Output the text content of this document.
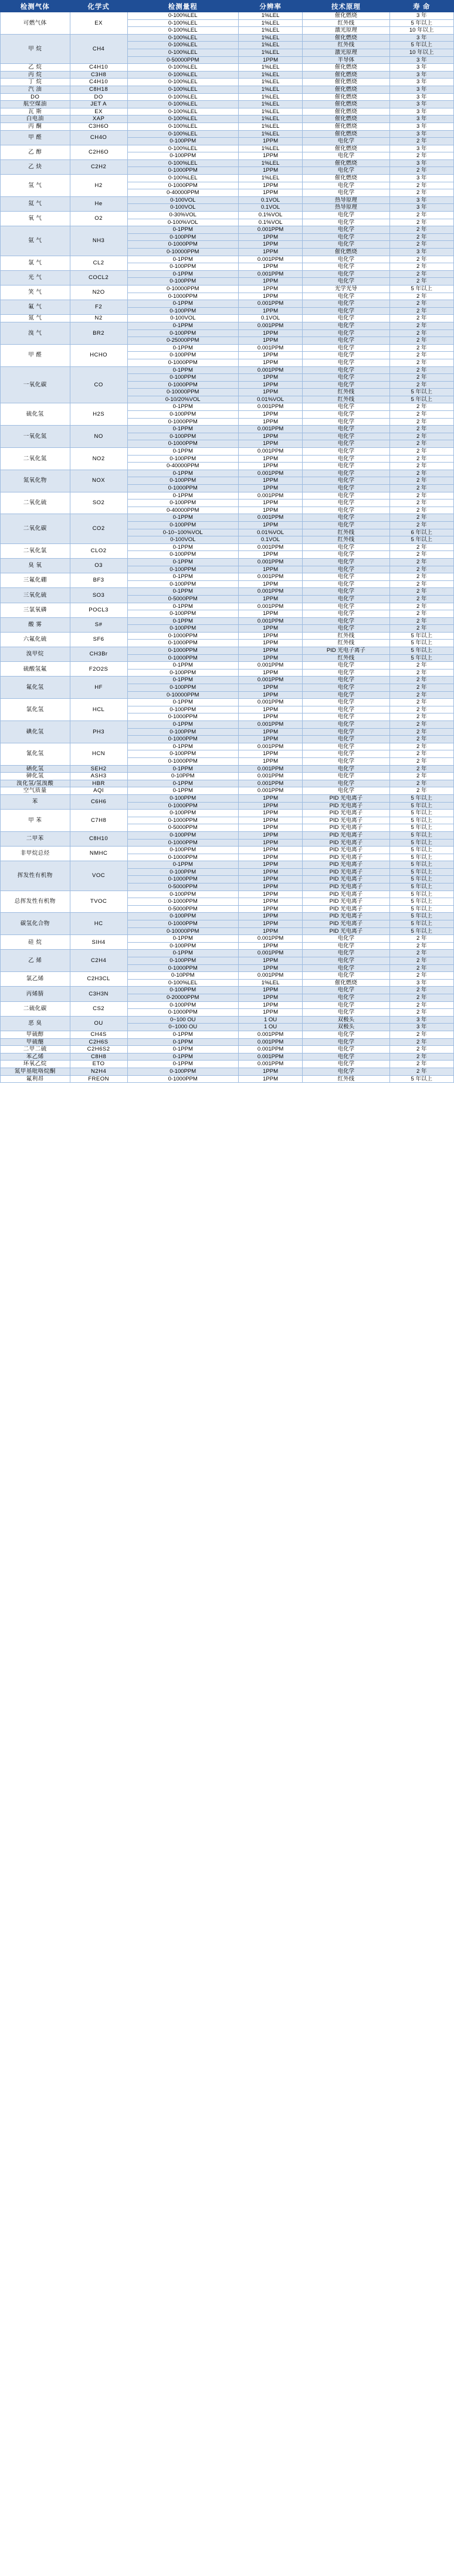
检测气体	化学式	检测量程	分辨率	技术原理	寿 命
可燃气体	EX	0-100%LEL	1%LEL	催化燃烧	3 年
		0-100%LEL	1%LEL	红外线	5 年以上
		0-100%LEL	1%LEL	激光原理	10 年以上
甲 烷	CH4	0-100%LEL	1%LEL	催化燃烧	3 年
		0-100%LEL	1%LEL	红外线	5 年以上
		0-100%LEL	1%LEL	激光原理	10 年以上
		0-50000PPM	1PPM	半导体	3 年
乙 烷	C4H10	0-100%LEL	1%LEL	催化燃烧	3 年
丙 烷	C3H8	0-100%LEL	1%LEL	催化燃烧	3 年
丁 烷	C4H10	0-100%LEL	1%LEL	催化燃烧	3 年
汽 油	C8H18	0-100%LEL	1%LEL	催化燃烧	3 年
DO	DO	0-100%LEL	1%LEL	催化燃烧	3 年
航空煤油	JET A	0-100%LEL	1%LEL	催化燃烧	3 年
瓦 斯	EX	0-100%LEL	1%LEL	催化燃烧	3 年
白电油	XAP	0-100%LEL	1%LEL	催化燃烧	3 年
丙 酮	C3H6O	0-100%LEL	1%LEL	催化燃烧	3 年
甲 醛	CH4O	0-100%LEL	1%LEL	催化燃烧	3 年
		0-100PPM	1PPM	电化学	2 年
乙 醇	C2H6O	0-100%LEL	1%LEL	催化燃烧	3 年
		0-100PPM	1PPM	电化学	2 年
乙 炔	C2H2	0-100%LEL	1%LEL	催化燃烧	3 年
		0-1000PPM	1PPM	电化学	2 年
氢 气	H2	0-100%LEL	1%LEL	催化燃烧	3 年
		0-1000PPM	1PPM	电化学	2 年
		0-40000PPM	1PPM	电化学	2 年
氦 气	He	0-100VOL	0.1VOL	热导原理	3 年
		0-100VOL	0.1VOL	热导原理	3 年
氧 气	O2	0-30%VOL	0.1%VOL	电化学	2 年
		0-100%VOL	0.1%VOL	电化学	2 年
氨 气	NH3	0-1PPM	0.001PPM	电化学	2 年
		0-100PPM	1PPM	电化学	2 年
		0-1000PPM	1PPM	电化学	2 年
		0-10000PPM	1PPM	催化燃烧	3 年
氯 气	CL2	0-1PPM	0.001PPM	电化学	2 年
		0-100PPM	1PPM	电化学	2 年
光 气	COCL2	0-1PPM	0.001PPM	电化学	2 年
		0-100PPM	1PPM	电化学	2 年
笑 气	N2O	0-10000PPM	1PPM	光学光导	5 年以上
		0-1000PPM	1PPM	电化学	2 年
氟 气	F2	0-1PPM	0.001PPM	电化学	2 年
		0-100PPM	1PPM	电化学	2 年
氮 气	N2	0-100VOL	0.1VOL	电化学	2 年
溴 气	BR2	0-1PPM	0.001PPM	电化学	2 年
		0-100PPM	1PPM	电化学	2 年
		0-25000PPM	1PPM	电化学	2 年
甲 醛	HCHO	0-1PPM	0.001PPM	电化学	2 年
		0-100PPM	1PPM	电化学	2 年
		0-1000PPM	1PPM	电化学	2 年
一氧化碳	CO	0-1PPM	0.001PPM	电化学	2 年
		0-100PPM	1PPM	电化学	2 年
		0-1000PPM	1PPM	电化学	2 年
		0-10000PPM	1PPM	红外线	5 年以上
		0-10/20%VOL	0.01%VOL	红外线	5 年以上
硫化氢	H2S	0-1PPM	0.001PPM	电化学	2 年
		0-100PPM	1PPM	电化学	2 年
		0-1000PPM	1PPM	电化学	2 年
一氧化氮	NO	0-1PPM	0.001PPM	电化学	2 年
		0-100PPM	1PPM	电化学	2 年
		0-1000PPM	1PPM	电化学	2 年
二氧化氮	NO2	0-1PPM	0.001PPM	电化学	2 年
		0-100PPM	1PPM	电化学	2 年
		0-40000PPM	1PPM	电化学	2 年
氮氧化物	NOX	0-1PPM	0.001PPM	电化学	2 年
		0-100PPM	1PPM	电化学	2 年
		0-1000PPM	1PPM	电化学	2 年
二氧化硫	SO2	0-1PPM	0.001PPM	电化学	2 年
		0-100PPM	1PPM	电化学	2 年
		0-40000PPM	1PPM	电化学	2 年
二氧化碳	CO2	0-1PPM	0.001PPM	电化学	2 年
		0-100PPM	1PPM	电化学	2 年
		0-10~100%VOL	0.01%VOL	红外线	6 年以上
		0-100VOL	0.1VOL	红外线	5 年以上
二氧化氯	CLO2	0-1PPM	0.001PPM	电化学	2 年
		0-100PPM	1PPM	电化学	2 年
臭 氧	O3	0-1PPM	0.001PPM	电化学	2 年
		0-100PPM	1PPM	电化学	2 年
三氟化硼	BF3	0-1PPM	0.001PPM	电化学	2 年
		0-100PPM	1PPM	电化学	2 年
三氧化硫	SO3	0-1PPM	0.001PPM	电化学	2 年
		0-5000PPM	1PPM	电化学	2 年
三氯氧磷	POCL3	0-1PPM	0.001PPM	电化学	2 年
		0-100PPM	1PPM	电化学	2 年
酸 雾	S#	0-1PPM	0.001PPM	电化学	2 年
		0-100PPM	1PPM	电化学	2 年
六氟化硫	SF6	0-1000PPM	1PPM	红外线	5 年以上
		0-1000PPM	1PPM	红外线	5 年以上
溴甲烷	CH3Br	0-1000PPM	1PPM	PID 光电子离子	5 年以上
		0-1000PPM	1PPM	红外线	5 年以上
硫酸氢氟	F2O2S	0-1PPM	0.001PPM	电化学	2 年
		0-100PPM	1PPM	电化学	2 年
氟化氢	HF	0-1PPM	0.001PPM	电化学	2 年
		0-100PPM	1PPM	电化学	2 年
		0-10000PPM	1PPM	电化学	2 年
氯化氢	HCL	0-1PPM	0.001PPM	电化学	2 年
		0-100PPM	1PPM	电化学	2 年
		0-1000PPM	1PPM	电化学	2 年
碘化氢	PH3	0-1PPM	0.001PPM	电化学	2 年
		0-100PPM	1PPM	电化学	2 年
		0-1000PPM	1PPM	电化学	2 年
氰化氢	HCN	0-1PPM	0.001PPM	电化学	2 年
		0-100PPM	1PPM	电化学	2 年
		0-1000PPM	1PPM	电化学	2 年
硒化氢	SEH2	0-1PPM	0.001PPM	电化学	2 年
砷化氢	ASH3	0-10PPM	0.001PPM	电化学	2 年
溴化氢/氢溴酸	HBR	0-1PPM	0.001PPM	电化学	2 年
空气质量	AQI	0-1PPM	0.001PPM	电化学	2 年
苯	C6H6	0-100PPM	1PPM	PID 光电离子	5 年以上
		0-1000PPM	1PPM	PID 光电离子	5 年以上
甲 苯	C7H8	0-100PPM	1PPM	PID 光电离子	5 年以上
		0-1000PPM	1PPM	PID 光电离子	5 年以上
		0-5000PPM	1PPM	PID 光电离子	5 年以上
二甲苯	C8H10	0-100PPM	1PPM	PID 光电离子	5 年以上
		0-1000PPM	1PPM	PID 光电离子	5 年以上
非甲烷总烃	NMHC	0-100PPM	1PPM	PID 光电离子	5 年以上
		0-1000PPM	1PPM	PID 光电离子	5 年以上
挥发性有机物	VOC	0-1PPM	1PPM	PID 光电离子	5 年以上
		0-100PPM	1PPM	PID 光电离子	5 年以上
		0-1000PPM	1PPM	PID 光电离子	5 年以上
		0-5000PPM	1PPM	PID 光电离子	5 年以上
总挥发性有机物	TVOC	0-100PPM	1PPM	PID 光电离子	5 年以上
		0-1000PPM	1PPM	PID 光电离子	5 年以上
		0-5000PPM	1PPM	PID 光电离子	5 年以上
碳氢化合物	HC	0-100PPM	1PPM	PID 光电离子	5 年以上
		0-1000PPM	1PPM	PID 光电离子	5 年以上
		0-10000PPM	1PPM	PID 光电离子	5 年以上
硅 烷	SIH4	0-1PPM	0.001PPM	电化学	2 年
		0-100PPM	1PPM	电化学	2 年
乙 烯	C2H4	0-1PPM	0.001PPM	电化学	2 年
		0-100PPM	1PPM	电化学	2 年
		0-1000PPM	1PPM	电化学	2 年
氯乙烯	C2H3CL	0-10PPM	0.001PPM	电化学	2 年
		0-100%LEL	1%LEL	催化燃烧	3 年
丙烯腈	C3H3N	0-100PPM	1PPM	电化学	2 年
		0-20000PPM	1PPM	电化学	2 年
二硫化碳	CS2	0-100PPM	1PPM	电化学	2 年
		0-1000PPM	1PPM	电化学	2 年
恶 臭	OU	0~100 OU	1 OU	双极头	3 年
		0~1000 OU	1 OU	双极头	3 年
甲硫醇	CH4S	0-1PPM	0.001PPM	电化学	2 年
甲硫醚	C2H6S	0-1PPM	0.001PPM	电化学	2 年
二甲二硫	C2H6S2	0-1PPM	0.001PPM	电化学	2 年
苯乙烯	C8H8	0-1PPM	0.001PPM	电化学	2 年
环氧乙烷	ETO	0-1PPM	0.001PPM	电化学	2 年
氮甲基吡咯烷酮	N2H4	0-100PPM	1PPM	电化学	2 年
氟利昂	FREON	0-1000PPM	1PPM	红外线	5 年以上
